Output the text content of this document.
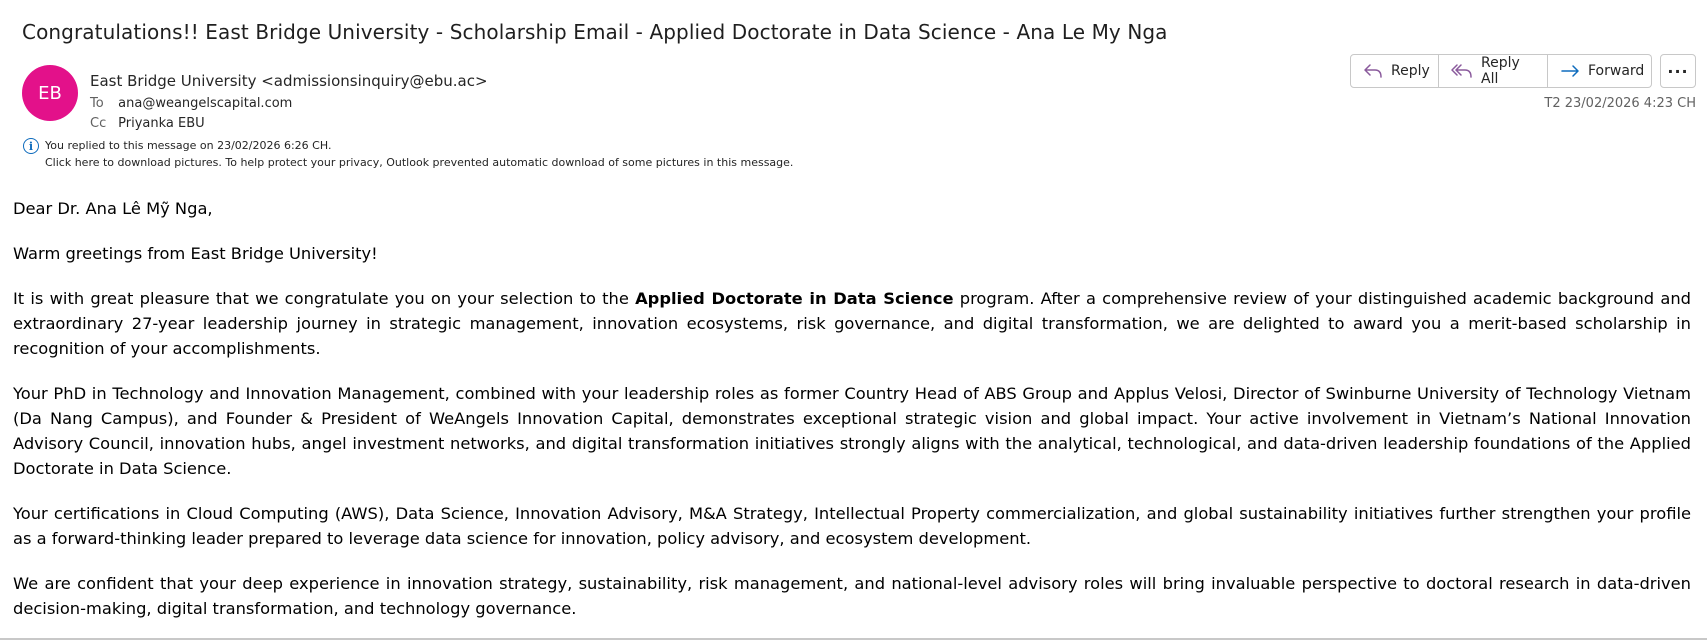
Congratulations!! East Bridge University - Scholarship Email - Applied Doctorate in Data Science - Ana Le My Nga
EB
East Bridge University <admissionsinquiry@ebu.ac>
To ana@weangelscapital.com
Cc Priyanka EBU
Reply	Reply All	Forward ···
T2 23/02/2026 4:23 CH
i	You replied to this message on 23/02/2026 6:26 CH.
Click here to download pictures. To help protect your privacy, Outlook prevented automatic download of some pictures in this message.

Dear Dr. Ana Lê Mỹ Nga,

Warm greetings from East Bridge University!

It is with great pleasure that we congratulate you on your selection to the Applied Doctorate in Data Science program. After a comprehensive review of your distinguished academic background and extraordinary 27-year leadership journey in strategic management, innovation ecosystems, risk governance, and digital transformation, we are delighted to award you a merit-based scholarship in recognition of your accomplishments.

Your PhD in Technology and Innovation Management, combined with your leadership roles as former Country Head of ABS Group and Applus Velosi, Director of Swinburne University of Technology Vietnam (Da Nang Campus), and Founder & President of WeAngels Innovation Capital, demonstrates exceptional strategic vision and global impact. Your active involvement in Vietnam’s National Innovation Advisory Council, innovation hubs, angel investment networks, and digital transformation initiatives strongly aligns with the analytical, technological, and data-driven leadership foundations of the Applied Doctorate in Data Science.

Your certifications in Cloud Computing (AWS), Data Science, Innovation Advisory, M&A Strategy, Intellectual Property commercialization, and global sustainability initiatives further strengthen your profile as a forward-thinking leader prepared to leverage data science for innovation, policy advisory, and ecosystem development.

We are confident that your deep experience in innovation strategy, sustainability, risk management, and national-level advisory roles will bring invaluable perspective to doctoral research in data-driven decision-making, digital transformation, and technology governance.
